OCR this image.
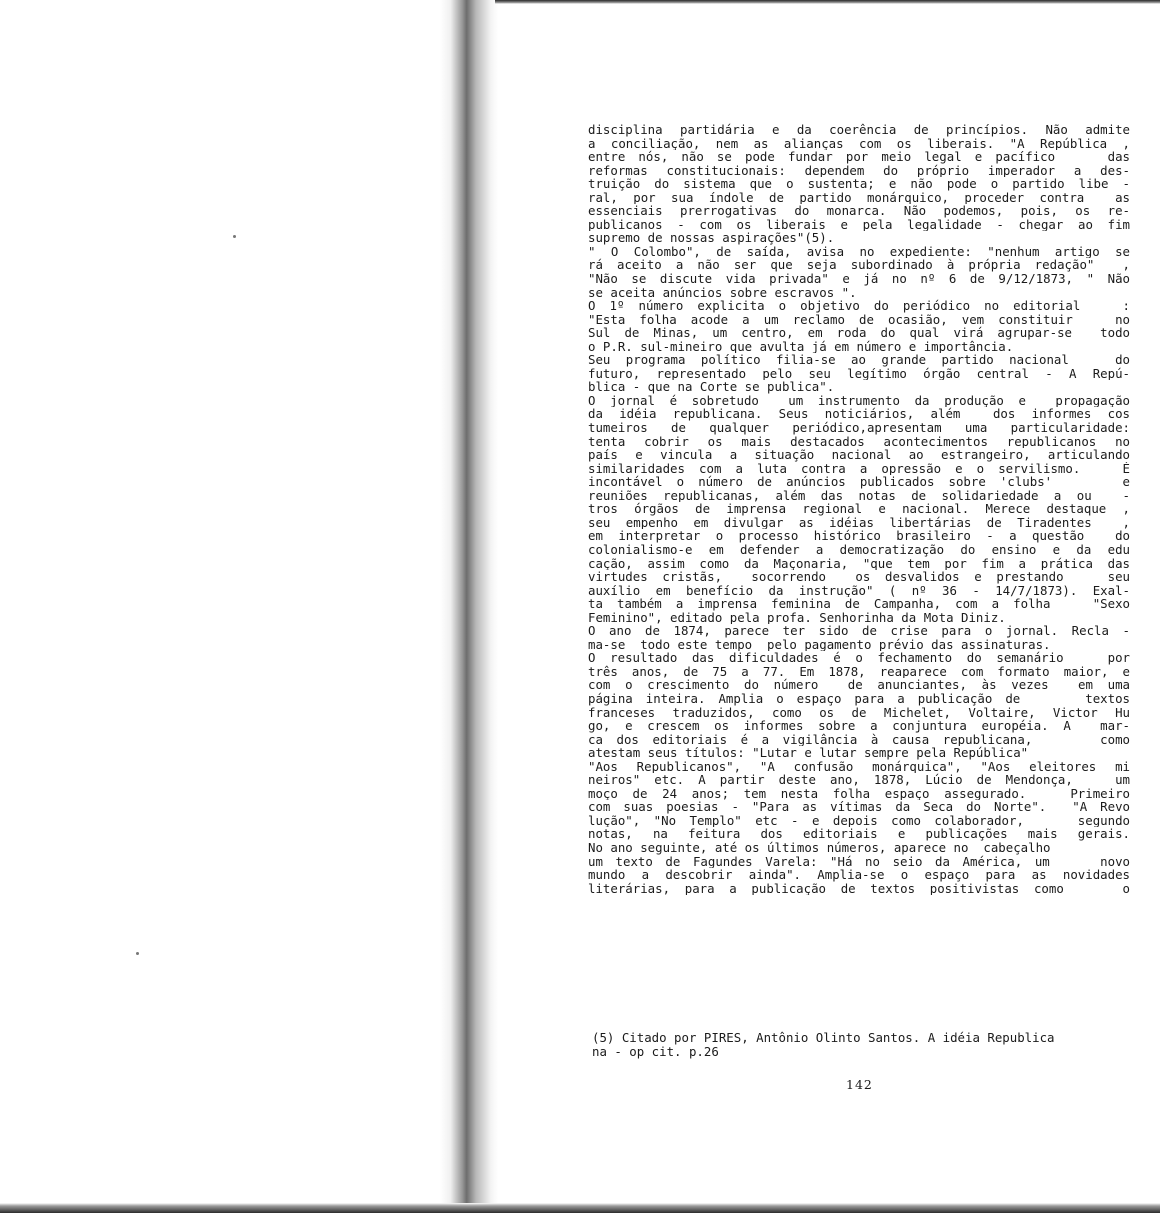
disciplina partidária e da coerência de princípios. Não admite
a conciliação, nem as alianças com os liberais. "A República ,
entre nós, não se pode fundar por meio legal e pacífico    das
reformas constitucionais: dependem do próprio imperador a des-
truição do sistema que o sustenta; e não pode o partido libe -
ral, por sua índole de partido monárquico, proceder contra  as
essenciais prerrogativas do monarca. Não podemos, pois, os re-
publicanos - com os liberais e pela legalidade - chegar ao fim
supremo de nossas aspirações"(5).
" O Colombo", de saída, avisa no expediente: "nenhum artigo se
rá aceito a não ser que seja subordinado à própria redação"  ,
"Não se discute vida privada" e já no nº 6 de 9/12/1873, " Não
se aceita anúncios sobre escravos ".
O 1º número explicita o objetivo do periódico no editorial   :
"Esta folha acode a um reclamo de ocasião, vem constituir   no
Sul de Minas, um centro, em roda do qual virá agrupar-se  todo
o P.R. sul-mineiro que avulta já em número e importância.
Seu programa político filia-se ao grande partido nacional   do
futuro, representado pelo seu legítimo órgão central - A Repú-
blica - que na Corte se publica".
O jornal é sobretudo  um instrumento da produção e  propagação
da idéia republicana. Seus noticiários, além  dos informes cos
tumeiros de qualquer periódico,apresentam uma particularidade:
tenta cobrir os mais destacados acontecimentos republicanos no
país e vincula a situação nacional ao estrangeiro, articulando
similaridades com a luta contra a opressão e o servilismo.   É
incontável o número de anúncios publicados sobre 'clubs'     e
reuniões republicanas, além das notas de solidariedade a ou  -
tros órgãos de imprensa regional e nacional. Merece destaque ,
seu empenho em divulgar as idéias libertárias de Tiradentes  ,
em interpretar o processo histórico brasileiro - a questão  do
colonialismo-e em defender a democratização do ensino e da edu
cação, assim como da Maçonaria, "que tem por fim a prática das
virtudes cristãs,  socorrendo  os desvalidos e prestando   seu
auxílio em benefício da instrução" ( nº 36 - 14/7/1873). Exal-
ta também a imprensa feminina de Campanha, com a folha   "Sexo
Feminino", editado pela profa. Senhorinha da Mota Diniz.
O ano de 1874, parece ter sido de crise para o jornal. Recla -
ma-se  todo este tempo  pelo pagamento prévio das assinaturas.
O resultado das dificuldades é o fechamento do semanário   por
três anos, de 75 a 77. Em 1878, reaparece com formato maior, e
com o crescimento do número  de anunciantes, às vezes  em uma
página inteira. Amplia o espaço para a publicação de     textos
franceses traduzidos, como os de Michelet, Voltaire, Victor Hu
go, e crescem os informes sobre a conjuntura européia. A  mar-
ca dos editoriais é a vigilância à causa republicana,     como
atestam seus títulos: "Lutar e lutar sempre pela República"
"Aos Republicanos", "A confusão monárquica", "Aos eleitores mi
neiros" etc. A partir deste ano, 1878, Lúcio de Mendonça,   um
moço de 24 anos; tem nesta folha espaço assegurado.   Primeiro
com suas poesias - "Para as vítimas da Seca do Norte".  "A Revo
lução", "No Templo" etc - e depois como colaborador,    segundo
notas, na feitura dos editoriais e publicações mais gerais.
No ano seguinte, até os últimos números, aparece no  cabeçalho
um texto de Fagundes Varela: "Há no seio da América, um    novo
mundo a descobrir ainda". Amplia-se o espaço para as novidades
literárias, para a publicação de textos positivistas como    o
(5) Citado por PIRES, Antônio Olinto Santos. A idéia Republica
na - op cit. p.26
142
